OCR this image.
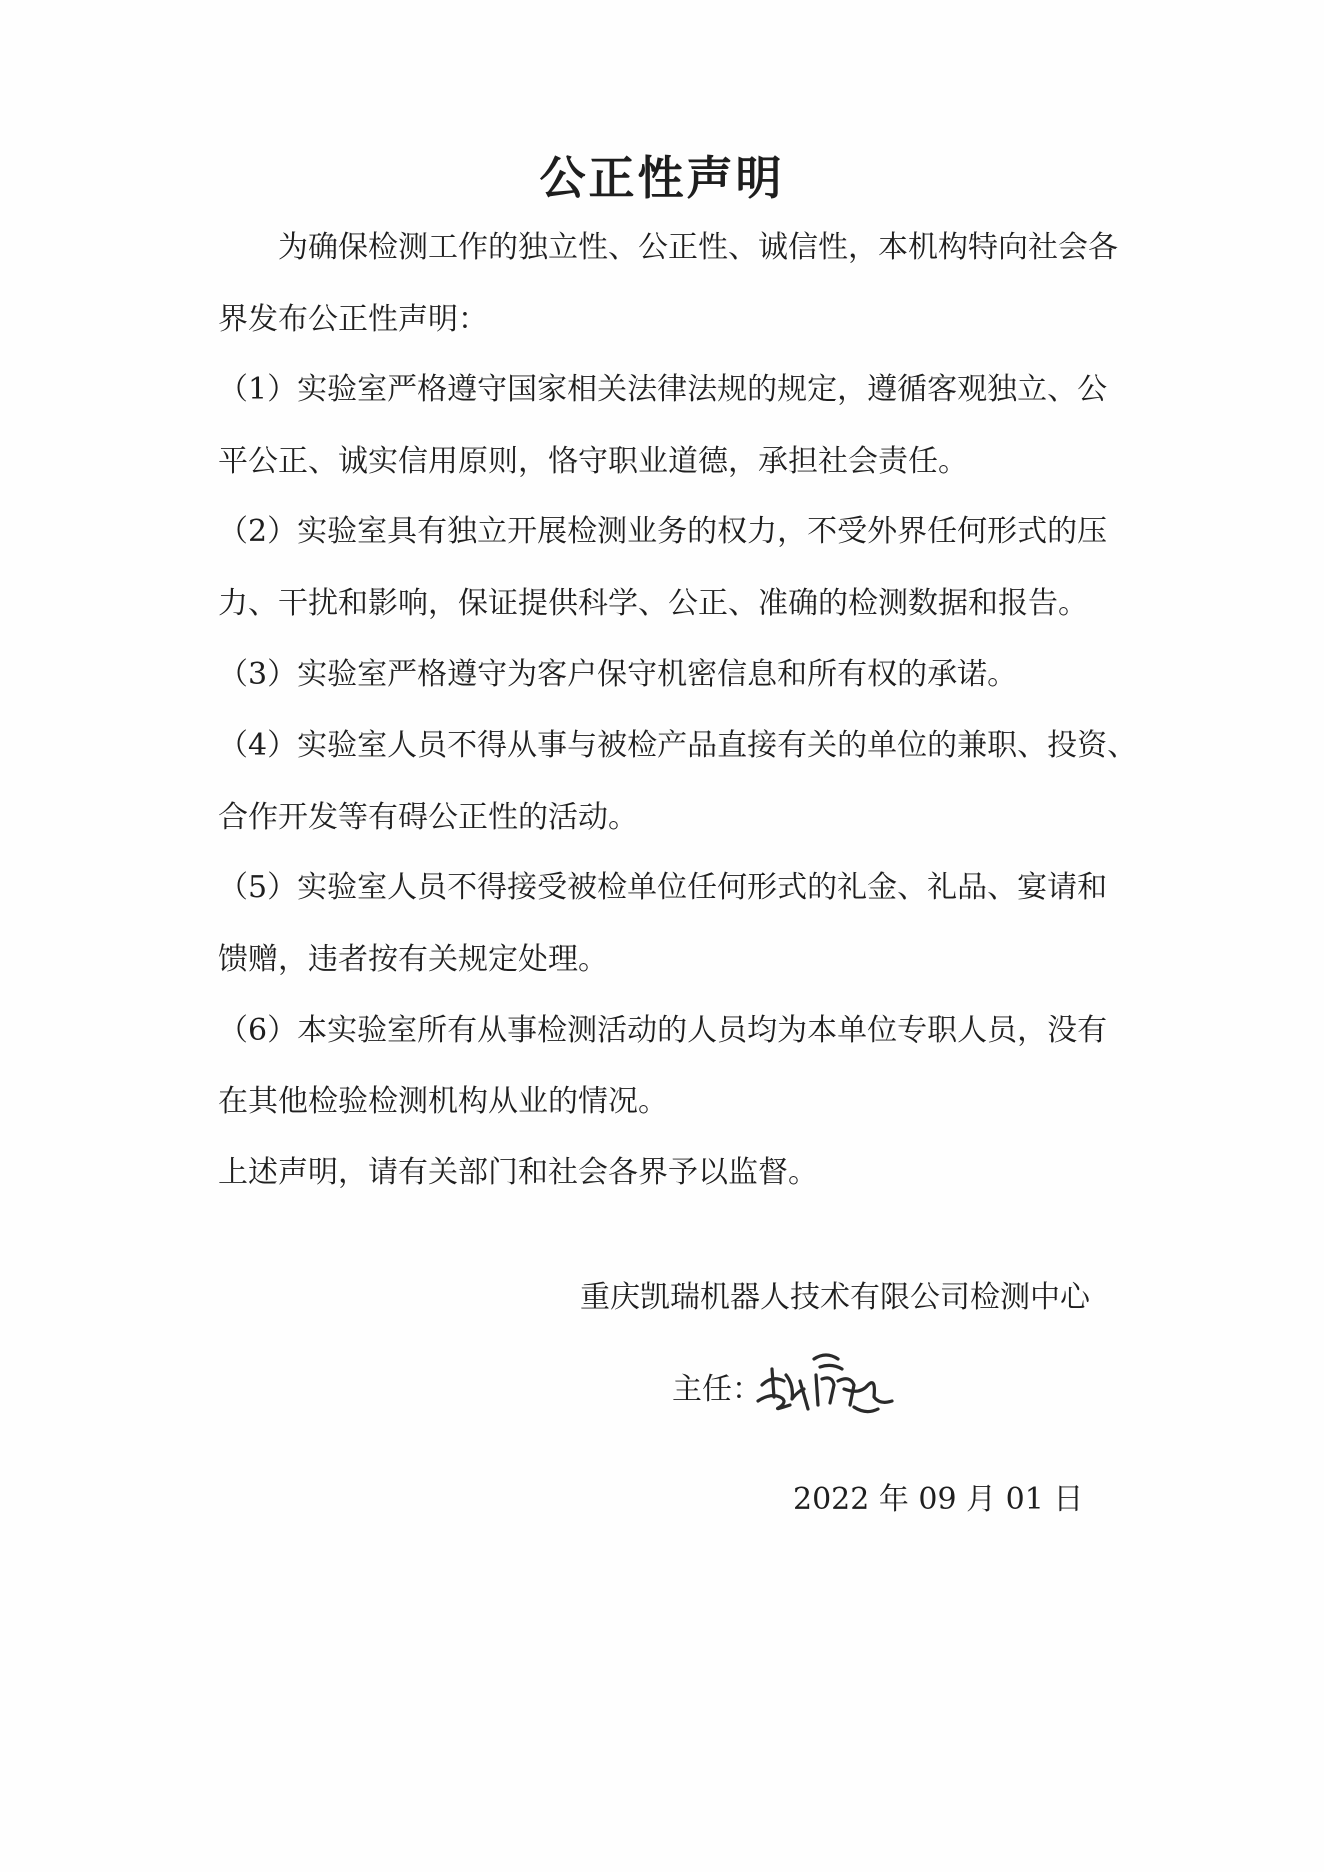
公正性声明

为确保检测工作的独立性、公正性、诚信性，本机构特向社会各

界发布公正性声明：

（1）实验室严格遵守国家相关法律法规的规定，遵循客观独立、公

平公正、诚实信用原则，恪守职业道德，承担社会责任。

（2）实验室具有独立开展检测业务的权力，不受外界任何形式的压

力、干扰和影响，保证提供科学、公正、准确的检测数据和报告。

（3）实验室严格遵守为客户保守机密信息和所有权的承诺。

（4）实验室人员不得从事与被检产品直接有关的单位的兼职、投资、

合作开发等有碍公正性的活动。

（5）实验室人员不得接受被检单位任何形式的礼金、礼品、宴请和

馈赠，违者按有关规定处理。

（6）本实验室所有从事检测活动的人员均为本单位专职人员，没有

在其他检验检测机构从业的情况。

上述声明，请有关部门和社会各界予以监督。

重庆凯瑞机器人技术有限公司检测中心
主任：
2022 年 09 月 01 日
